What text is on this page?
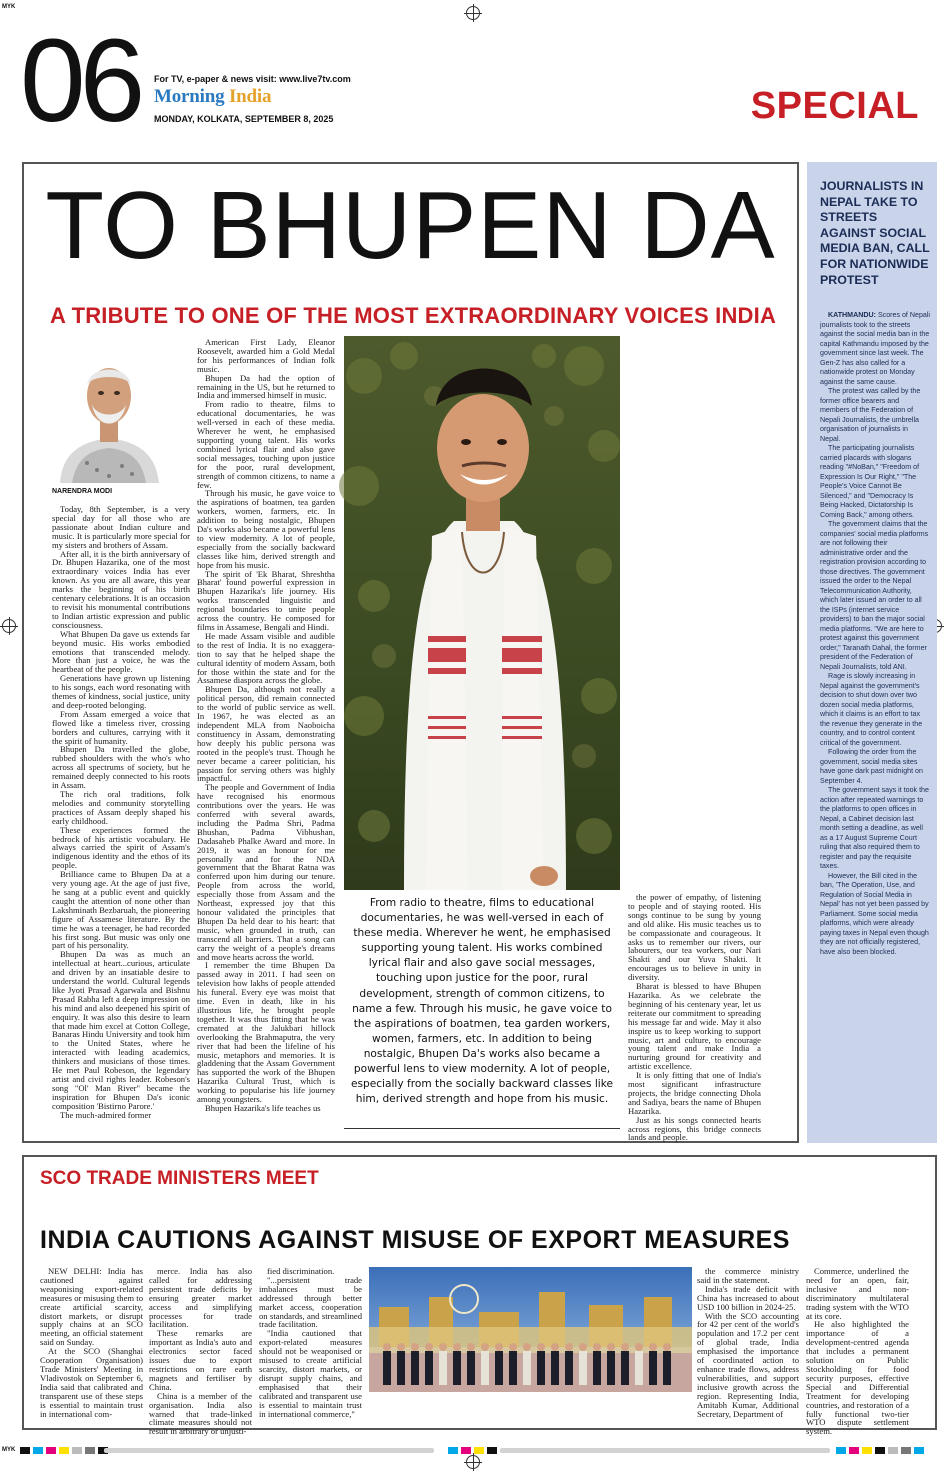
MYK
MYK
06 For TV, e-paper & news visit: www.live7tv.com
Morning India
MONDAY, KOLKATA, SEPTEMBER 8, 2025	SPECIAL
TO BHUPEN DA
A TRIBUTE TO ONE OF THE MOST EXTRAORDINARY VOICES INDIA
NARENDRA MODI

Today, 8th September, is a very special day for all those who are passionate about Indian culture and music. It is particularly more special for my sisters and brothers of Assam.

After all, it is the birth anniversary of Dr. Bhupen Hazarika, one of the most extraordinary voices India has ever known. As you are all aware, this year marks the beginning of his birth centenary celebrations. It is an occasion to revisit his monumental contributions to Indian artistic expression and public consciousness.

What Bhupen Da gave us extends far beyond music. His works embodied emotions that transcended melody. More than just a voice, he was the heartbeat of the people.

Generations have grown up listening to his songs, each word resonating with themes of kindness, social justice, unity and deep-rooted belonging.

From Assam emerged a voice that flowed like a timeless river, crossing borders and cultures, carrying with it the spirit of humanity.

Bhupen Da travelled the globe, rubbed shoulders with the who's who across all spectrums of society, but he remained deeply connected to his roots in Assam.

The rich oral traditions, folk melodies and community storytelling practices of Assam deeply shaped his early childhood.

These experiences formed the bedrock of his artistic vocabulary. He always carried the spirit of Assam's indigenous identity and the ethos of its people.

Brilliance came to Bhupen Da at a very young age. At the age of just five, he sang at a public event and quickly caught the attention of none other than Lakshminath Bezbaruah, the pioneering figure of Assamese literature. By the time he was a teenager, he had recorded his first song. But music was only one part of his personality.

Bhupen Da was as much an intellectual at heart...curious, articulate and driven by an insatiable desire to understand the world. Cultural legends like Jyoti Prasad Agarwala and Bishnu Prasad Rabha left a deep impression on his mind and also deepened his spirit of enquiry. It was also this desire to learn that made him excel at Cotton College, Banaras Hindu University and took him to the United States, where he interacted with leading academics, thinkers and musicians of those times. He met Paul Robeson, the legendary artist and civil rights leader. Robeson's song "Ol' Man River" became the inspiration for Bhupen Da's iconic composition 'Bistirno Parore.'

The much-admired former

American First Lady, Eleanor Roosevelt, awarded him a Gold Medal for his performances of Indian folk music.

Bhupen Da had the option of remaining in the US, but he returned to India and immersed himself in music.

From radio to theatre, films to educational documentaries, he was well-versed in each of these media. Wherever he went, he emphasised supporting young talent. His works combined lyrical flair and also gave social messages, touching upon justice for the poor, rural development, strength of common citizens, to name a few.

Through his music, he gave voice to the aspirations of boatmen, tea garden workers, women, farmers, etc. In addition to being nostalgic, Bhupen Da's works also became a powerful lens to view modernity. A lot of people, especially from the socially backward classes like him, derived strength and hope from his music.

The spirit of 'Ek Bharat, Shreshtha Bharat' found powerful expression in Bhupen Hazarika's life journey. His works transcended linguistic and regional boundaries to unite people across the country. He composed for films in Assamese, Bengali and Hindi.

He made Assam visible and audible to the rest of India. It is no exaggera- tion to say that he helped shape the cultural identity of modern Assam, both for those within the state and for the Assamese diaspora across the globe.

Bhupen Da, although not really a political person, did remain connected to the world of public service as well. In 1967, he was elected as an independent MLA from Naoboicha constituency in Assam, demonstrating how deeply his public persona was rooted in the people's trust. Though he never became a career politician, his passion for serving others was highly impactful.

The people and Government of India have recognised his enormous contributions over the years. He was conferred with several awards, including the Padma Shri, Padma Bhushan, Padma Vibhushan, Dadasaheb Phalke Award and more. In 2019, it was an honour for me personally and for the NDA government that the Bharat Ratna was conferred upon him during our tenure. People from across the world, especially those from Assam and the Northeast, expressed joy that this honour validated the principles that Bhupen Da held dear to his heart: that music, when grounded in truth, can transcend all barriers. That a song can carry the weight of a people's dreams and move hearts across the world.

I remember the time Bhupen Da passed away in 2011. I had seen on television how lakhs of people attended his funeral. Every eye was moist that time. Even in death, like in his illustrious life, he brought people together. It was thus fitting that he was cremated at the Jalukbari hillock overlooking the Brahmaputra, the very river that had been the lifeline of his music, metaphors and memories. It is gladdening that the Assam Government has supported the work of the Bhupen Hazarika Cultural Trust, which is working to popularise his life journey among youngsters.

Bhupen Hazarika's life teaches us

From radio to theatre, films to educational documentaries, he was well-versed in each of these media. Wherever he went, he emphasised supporting young talent. His works combined lyrical flair and also gave social messages, touching upon justice for the poor, rural development, strength of common citizens, to name a few. Through his music, he gave voice to the aspirations of boatmen, tea garden workers, women, farmers, etc. In addition to being nostalgic, Bhupen Da's works also became a powerful lens to view modernity. A lot of people, especially from the socially backward classes like him, derived strength and hope from his music.

the power of empathy, of listening to people and of staying rooted. His songs continue to be sung by young and old alike. His music teaches us to be compassionate and courageous. It asks us to remember our rivers, our labourers, our tea workers, our Nari Shakti and our Yuva Shakti. It encourages us to believe in unity in diversity.

Bharat is blessed to have Bhupen Hazarika. As we celebrate the beginning of his centenary year, let us reiterate our commitment to spreading his message far and wide. May it also inspire us to keep working to support music, art and culture, to encourage young talent and make India a nurturing ground for creativity and artistic excellence.

It is only fitting that one of India's most significant infrastructure projects, the bridge connecting Dhola and Sadiya, bears the name of Bhupen Hazarika.

Just as his songs connected hearts across regions, this bridge connects lands and people.

JOURNALISTS IN NEPAL TAKE TO STREETS AGAINST SOCIAL MEDIA BAN, CALL FOR NATIONWIDE PROTEST

KATHMANDU: Scores of Nepali journalists took to the streets against the social media ban in the capital Kathmandu imposed by the government since last week. The Gen-Z has also called for a nationwide protest on Monday against the same cause.

The protest was called by the former office bearers and members of the Federation of Nepali Journalists, the umbrella organisation of journalists in Nepal.

The participating journalists carried placards with slogans reading "#NoBan," "Freedom of Expression Is Our Right," "The People's Voice Cannot Be Silenced," and "Democracy Is Being Hacked, Dictatorship Is Coming Back," among others.

The government claims that the companies' social media platforms are not following their administrative order and the registration provision according to those directives. The government issued the order to the Nepal Telecommunication Authority, which later issued an order to all the ISPs (internet service providers) to ban the major social media platforms. "We are here to protest against this government order," Taranath Dahal, the former president of the Federation of Nepali Journalists, told ANI.

Rage is slowly increasing in Nepal against the government's decision to shut down over two dozen social media platforms, which it claims is an effort to tax the revenue they generate in the country, and to control content critical of the government.

Following the order from the government, social media sites have gone dark past midnight on September 4.

The government says it took the action after repeated warnings to the platforms to open offices in Nepal, a Cabinet decision last month setting a deadline, as well as a 17 August Supreme Court ruling that also required them to register and pay the requisite taxes.

However, the Bill cited in the ban, 'The Operation, Use, and Regulation of Social Media in Nepal' has not yet been passed by Parliament. Some social media platforms, which were already paying taxes in Nepal even though they are not officially registered, have also been blocked.

SCO TRADE MINISTERS MEET
INDIA CAUTIONS AGAINST MISUSE OF EXPORT MEASURES

NEW DELHI: India has cautioned against weaponising export-related measures or misusing them to create artificial scarcity, distort markets, or disrupt supply chains at an SCO meeting, an official statement said on Sunday.

At the SCO (Shanghai Cooperation Organisation) Trade Ministers' Meeting in Vladivostok on September 6, India said that calibrated and transparent use of these steps is essential to maintain trust in international com-

merce. India has also called for addressing persistent trade deficits by ensuring greater market access and simplifying processes for trade facilitation.

These remarks are important as India's auto and electronics sector faced issues due to export restrictions on rare earth magnets and fertiliser by China.

China is a member of the organisation. India also warned that trade-linked climate measures should not result in arbitrary or unjusti-

fied discrimination.

"...persistent trade imbalances must be addressed through better market access, cooperation on standards, and streamlined trade facilitation.

"India cautioned that export-related measures should not be weaponised or misused to create artificial scarcity, distort markets, or disrupt supply chains, and emphasised that their calibrated and transparent use is essential to maintain trust in international commerce,"

the commerce ministry said in the statement.

India's trade deficit with China has increased to about USD 100 billion in 2024-25.

With the SCO accounting for 42 per cent of the world's population and 17.2 per cent of global trade, India emphasised the importance of coordinated action to enhance trade flows, address vulnerabilities, and support inclusive growth across the region. Representing India, Amitabh Kumar, Additional Secretary, Department of

Commerce, underlined the need for an open, fair, inclusive and non-discriminatory multilateral trading system with the WTO at its core.

He also highlighted the importance of a development-centred agenda that includes a permanent solution on Public Stockholding for food security purposes, effective Special and Differential Treatment for developing countries, and restoration of a fully functional two-tier WTO dispute settlement system.
